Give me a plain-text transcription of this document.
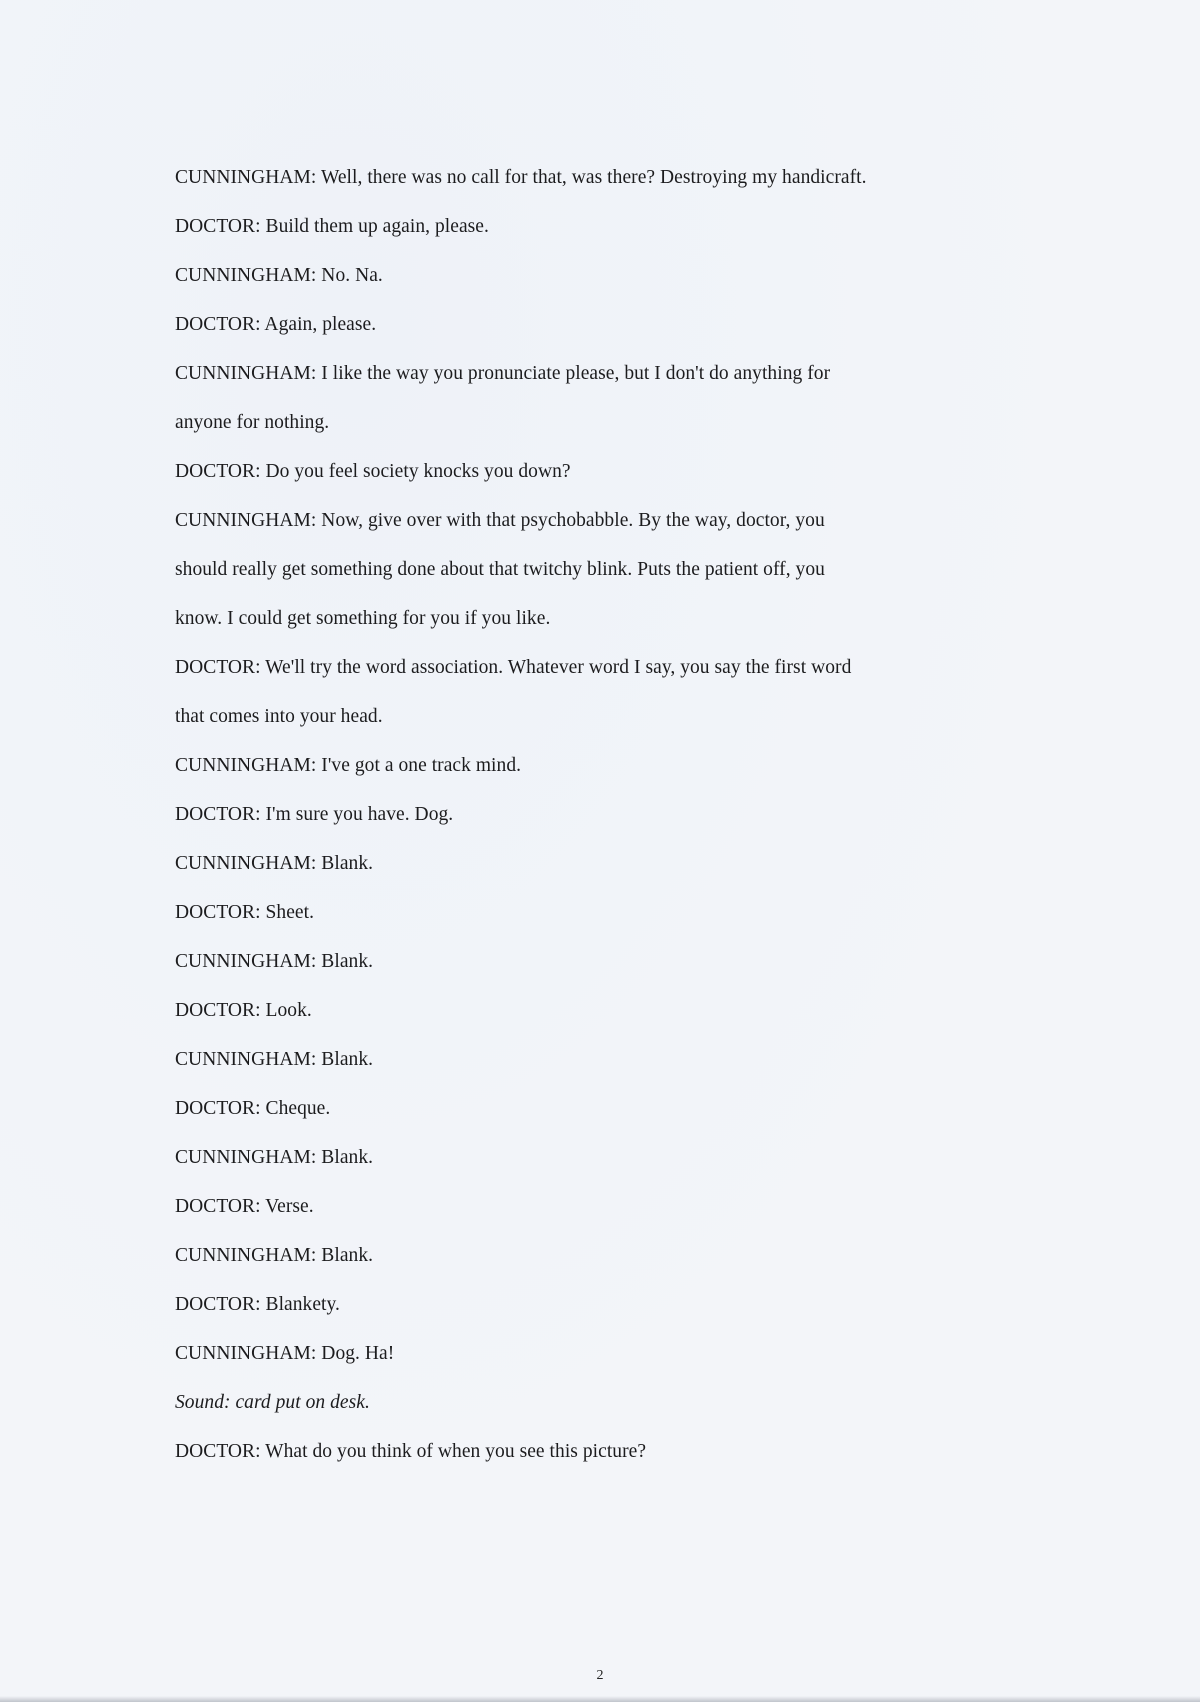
CUNNINGHAM: Well, there was no call for that, was there? Destroying my handicraft.
DOCTOR: Build them up again, please.
CUNNINGHAM: No. Na.
DOCTOR: Again, please.
CUNNINGHAM: I like the way you pronunciate please, but I don't do anything for
anyone for nothing.
DOCTOR: Do you feel society knocks you down?
CUNNINGHAM: Now, give over with that psychobabble. By the way, doctor, you
should really get something done about that twitchy blink. Puts the patient off, you
know. I could get something for you if you like.
DOCTOR: We'll try the word association. Whatever word I say, you say the first word
that comes into your head.
CUNNINGHAM: I've got a one track mind.
DOCTOR: I'm sure you have. Dog.
CUNNINGHAM: Blank.
DOCTOR: Sheet.
CUNNINGHAM: Blank.
DOCTOR: Look.
CUNNINGHAM: Blank.
DOCTOR: Cheque.
CUNNINGHAM: Blank.
DOCTOR: Verse.
CUNNINGHAM: Blank.
DOCTOR: Blankety.
CUNNINGHAM: Dog. Ha!
Sound: card put on desk.
DOCTOR: What do you think of when you see this picture?
2
